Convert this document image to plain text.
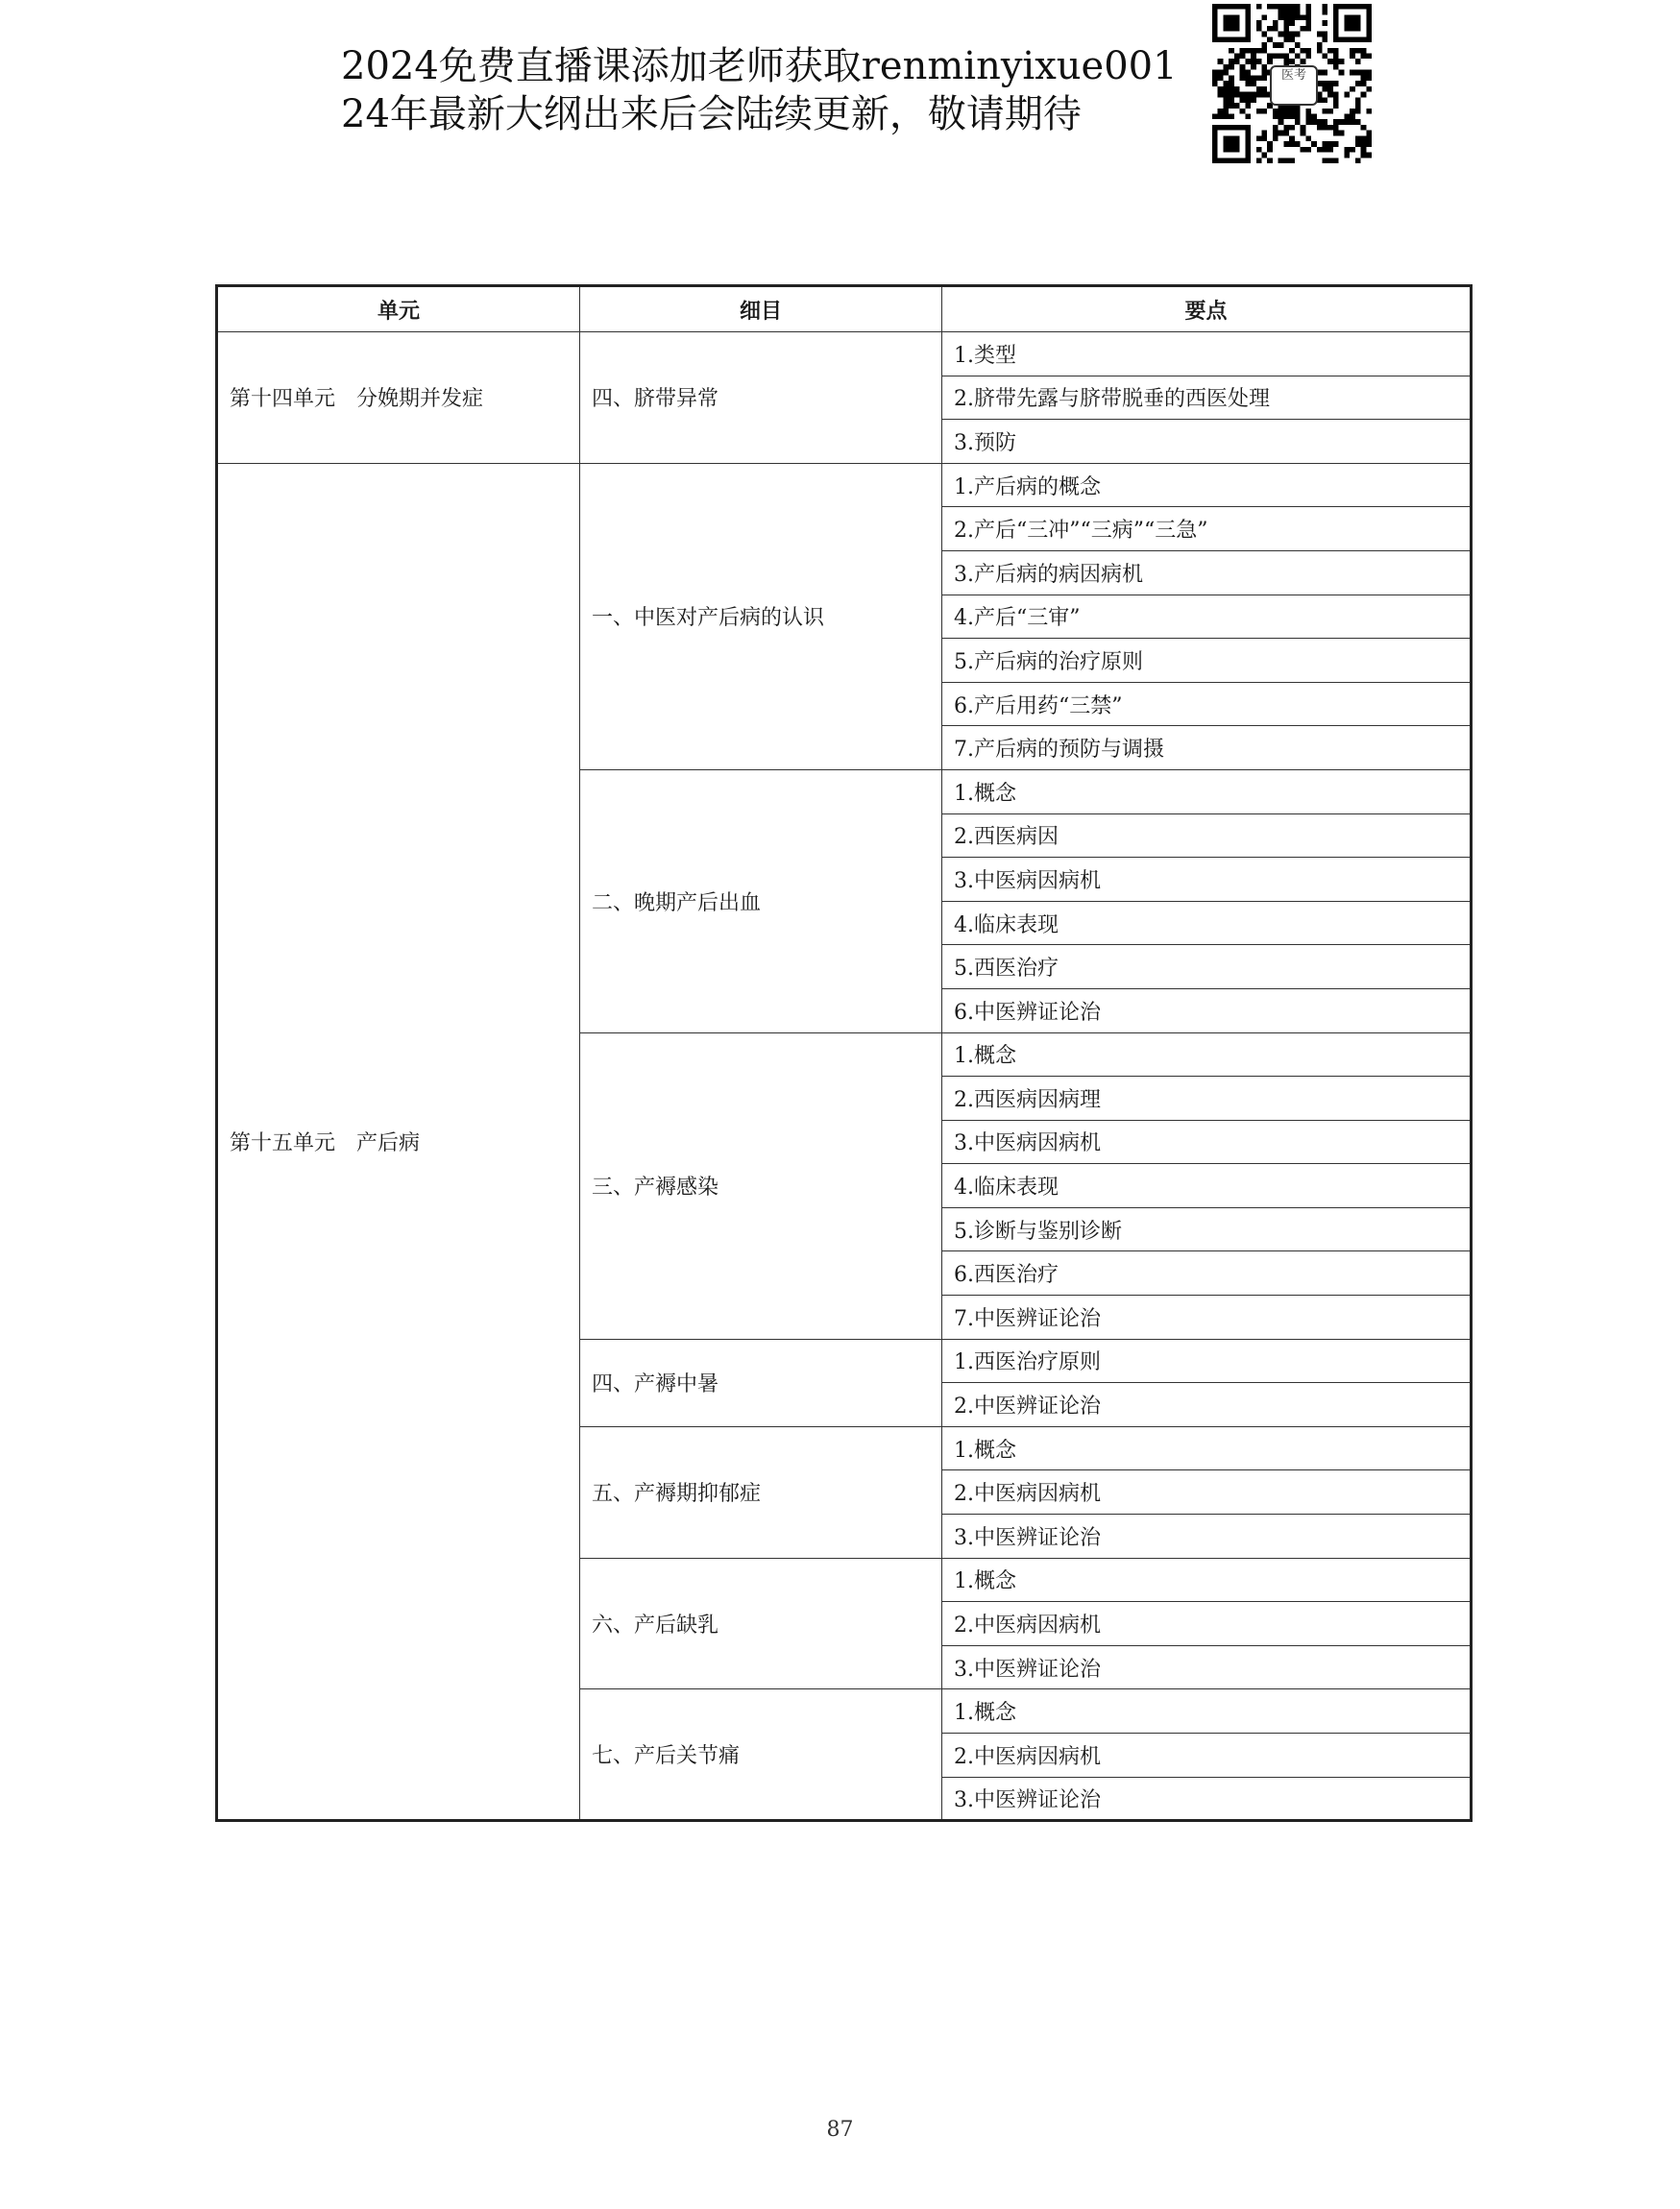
2024免费直播课添加老师获取renminyixue001
24年最新大纲出来后会陆续更新，敬请期待
医考
单元	细目	要点
第十四单元　分娩期并发症	四、脐带异常	1.类型
		2.脐带先露与脐带脱垂的西医处理
		3.预防
第十五单元　产后病	一、中医对产后病的认识	1.产后病的概念
		2.产后“三冲”“三病”“三急”
		3.产后病的病因病机
		4.产后“三审”
		5.产后病的治疗原则
		6.产后用药“三禁”
		7.产后病的预防与调摄
	二、晚期产后出血	1.概念
		2.西医病因
		3.中医病因病机
		4.临床表现
		5.西医治疗
		6.中医辨证论治
	三、产褥感染	1.概念
		2.西医病因病理
		3.中医病因病机
		4.临床表现
		5.诊断与鉴别诊断
		6.西医治疗
		7.中医辨证论治
	四、产褥中暑	1.西医治疗原则
		2.中医辨证论治
	五、产褥期抑郁症	1.概念
		2.中医病因病机
		3.中医辨证论治
	六、产后缺乳	1.概念
		2.中医病因病机
		3.中医辨证论治
	七、产后关节痛	1.概念
		2.中医病因病机
		3.中医辨证论治
87
